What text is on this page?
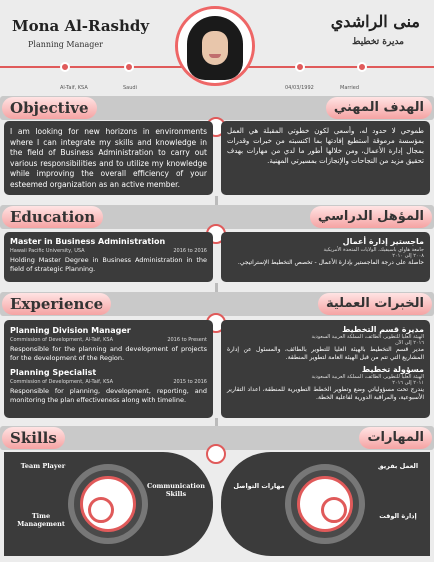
Mona Al-Rashdy
Planning Manager
منى الراشدي
مديرة تخطيط
Al-Taif, KSA	Saudi	04/03/1992	Married
Objective	الهدف المهني
I am looking for new horizons in environments where I can integrate my skills and knowledge in the field of Business Administration to carry out various responsibilities and to utilize my knowledge while improving the overall efficiency of your esteemed organization as an active member.
طموحي لا حدود له، وأسعى لكون خطوتي المقبلة هي العمل بمؤسسة مرموقة أستطيع إفادتها بما اكتسبته من خبرات وقدرات بمجال إدارة الأعمال، ومن خلالها أطور ما لدي من مهارات بهدف تحقيق مزيد من النجاحات والإنجازات بمسيرتي المهنية.
Education	المؤهل الدراسي
Master in Business Administration
Hawaii Pacific University, USA	2016 to 2016
Holding Master Degree in Business Administration in the field of strategic Planning.
ماجستير إدارة أعمال
جامعة هاواي باسيفيك، الولايات المتحدة الأمريكية
٢٠٠٨ إلى ٢٠١٠
حاصلة على درجة الماجستير بإدارة الأعمال - تخصص التخطيط الإستراتيجي.
Experience	الخبرات العملية
Planning Division Manager
Commission of Development, Al-Taif, KSA	2016 to Present
Responsible for the planning and development of projects for the development of the Region.
Planning Specialist
Commission of Development, Al-Taif, KSA	2015 to 2016
Responsible for planning, development, reporting, and monitoring the plan effectiveness along with timeline.
مديرة قسم التخطيط
الهيئة العليا للتطوير، الطائف، المملكة العربية السعودية
٢٠١٦ إلى الآن
مدير قسم التخطيط بالهيئة العليا للتطوير بالطائف، والمسئول عن إدارة المشاريع التي تتم من قبل الهيئة العامة لتطوير المنطقة.
مسؤولة تخطيط
الهيئة العليا للتطوير، الطائف، المملكة العربية السعودية
٢٠١١ إلى ٢٠١٦
يندرج تحت مسؤولياتي وضع وتطوير الخطط التطويرية للمنطقة، اعداد التقارير الأسبوعية، والمراقبة الدورية لفاعلية الخطة.
Skills	المهارات
Team Player
Communication Skills
Time Management
العمل بفريق
مهارات التواصل
إدارة الوقت
